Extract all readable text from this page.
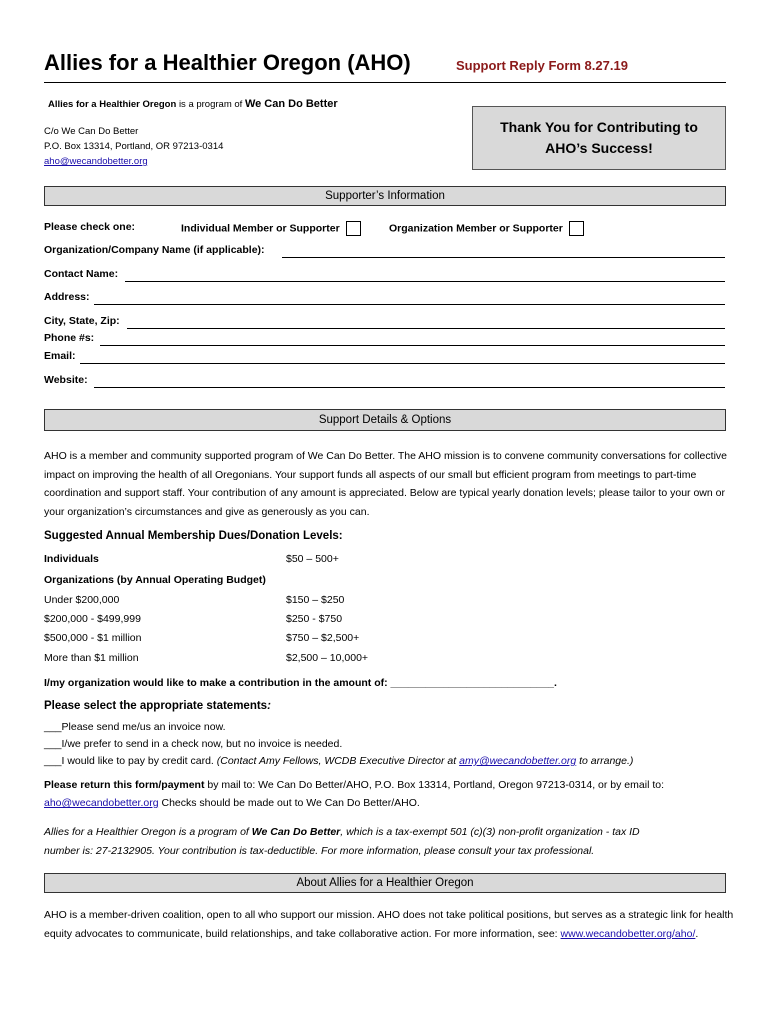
Allies for a Healthier Oregon (AHO)	Support Reply Form 8.27.19
Allies for a Healthier Oregon is a program of We Can Do Better
C/o We Can Do Better
P.O. Box 13314, Portland, OR 97213-0314
aho@wecandobetter.org
Thank You for Contributing to
AHO’s Success!
Supporter’s Information
Please check one:	Individual Member or Supporter	Organization Member or Supporter
Organization/Company Name (if applicable):
Contact Name:
Address:
City, State, Zip:
Phone #s:
Email:
Website:
Support Details & Options
AHO is a member and community supported program of We Can Do Better. The AHO mission is to convene community conversations for collective impact on improving the health of all Oregonians. Your support funds all aspects of our small but efficient program from meetings to part-time coordination and support staff. Your contribution of any amount is appreciated. Below are typical yearly donation levels; please tailor to your own or your organization’s circumstances and give as generously as you can.
Suggested Annual Membership Dues/Donation Levels:
Individuals	$50 – 500+
Organizations (by Annual Operating Budget)
Under $200,000	$150 – $250
$200,000 - $499,999	$250 - $750
$500,000 - $1 million	$750 – $2,500+
More than $1 million	$2,500 – 10,000+
I/my organization would like to make a contribution in the amount of: ____________________________.
Please select the appropriate statements:
___Please send me/us an invoice now.
___I/we prefer to send in a check now, but no invoice is needed.
___I would like to pay by credit card. (Contact Amy Fellows, WCDB Executive Director at amy@wecandobetter.org to arrange.)
Please return this form/payment by mail to: We Can Do Better/AHO, P.O. Box 13314, Portland, Oregon 97213-0314, or by email to:
aho@wecandobetter.org Checks should be made out to We Can Do Better/AHO.
Allies for a Healthier Oregon is a program of We Can Do Better, which is a tax-exempt 501 (c)(3) non-profit organization - tax ID
number is: 27-2132905. Your contribution is tax-deductible. For more information, please consult your tax professional.
About Allies for a Healthier Oregon
AHO is a member-driven coalition, open to all who support our mission. AHO does not take political positions, but serves as a strategic link for health equity advocates to communicate, build relationships, and take collaborative action. For more information, see: www.wecandobetter.org/aho/.
